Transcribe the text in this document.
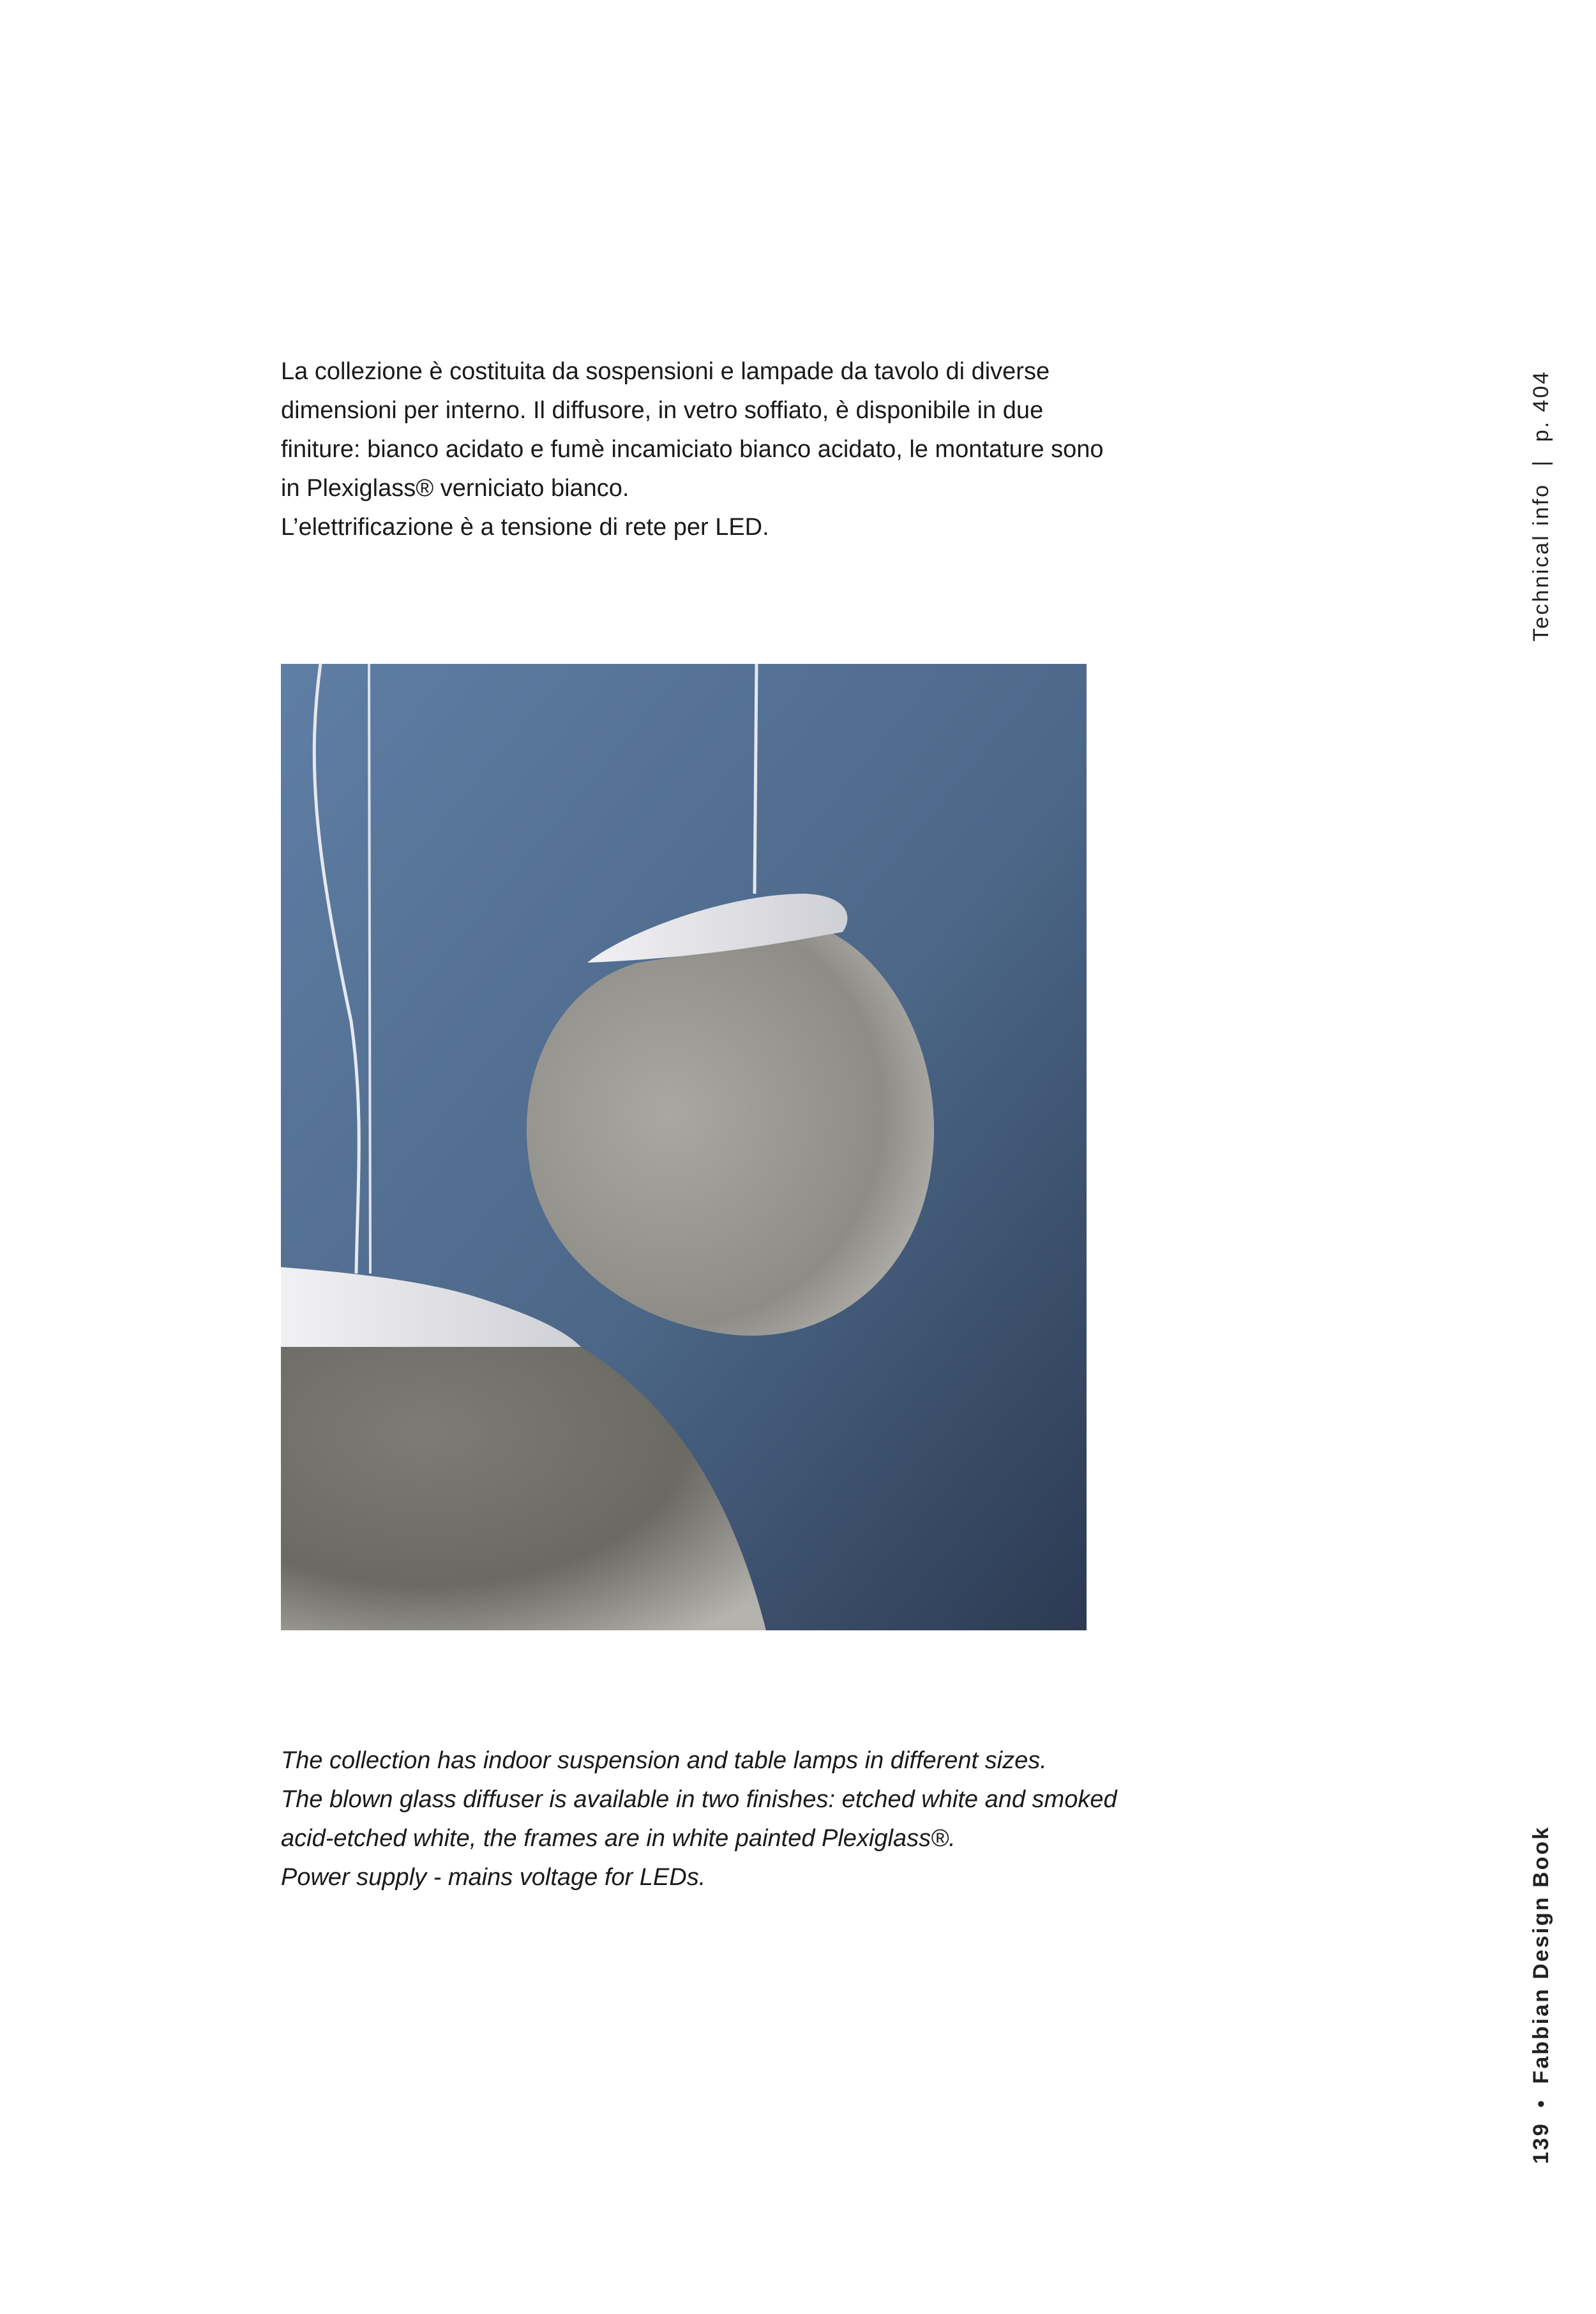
La collezione è costituita da sospensioni e lampade da tavolo di diverse
dimensioni per interno. Il diffusore, in vetro soffiato, è disponibile in due
finiture: bianco acidato e fumè incamiciato bianco acidato, le montature sono
in Plexiglass® verniciato bianco.
L’elettrificazione è a tensione di rete per LED.
The collection has indoor suspension and table lamps in different sizes.
The blown glass diffuser is available in two finishes: etched white and smoked
acid-etched white, the frames are in white painted Plexiglass®.
Power supply - mains voltage for LEDs.
Technical info | p. 404
139 • Fabbian Design Book
